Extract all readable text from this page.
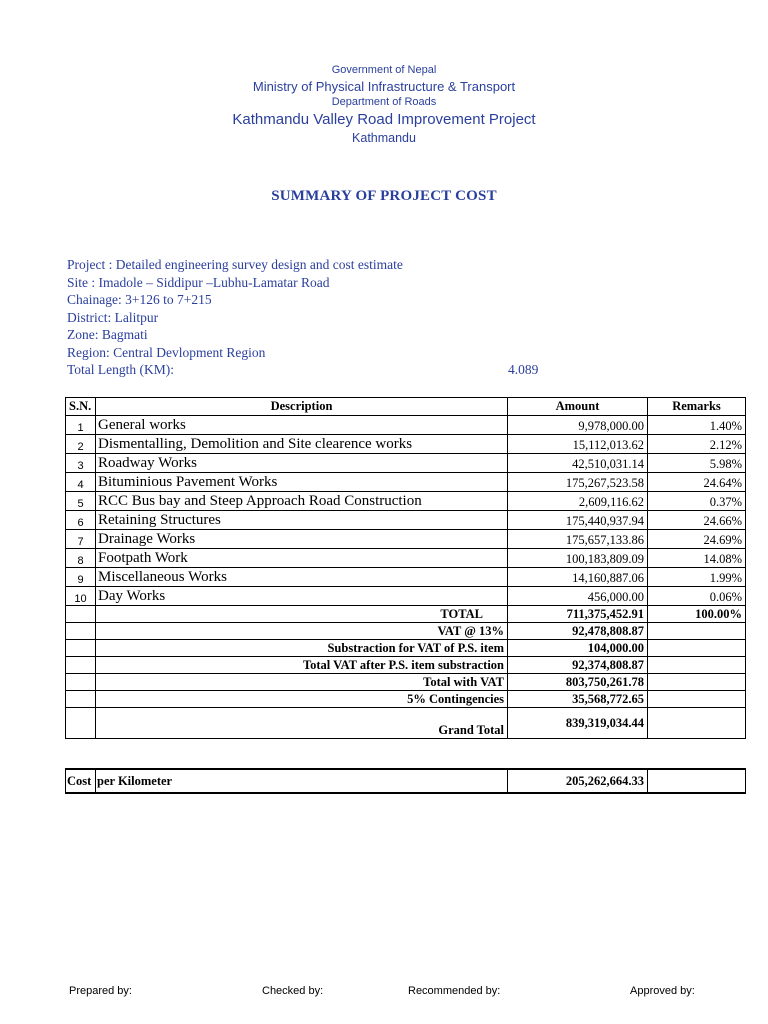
Government of Nepal
Ministry of Physical Infrastructure & Transport
Department of Roads
Kathmandu Valley Road Improvement Project
Kathmandu
SUMMARY OF PROJECT COST
Project : Detailed engineering survey design and cost estimate
Site : Imadole – Siddipur –Lubhu-Lamatar Road
Chainage: 3+126 to 7+215
District: Lalitpur
Zone: Bagmati
Region: Central Devlopment Region
Total Length (KM):	4.089
S.N.	Description	Amount	Remarks
1	General works	9,978,000.00	1.40%
2	Dismentalling, Demolition and Site clearence works	15,112,013.62	2.12%
3	Roadway Works	42,510,031.14	5.98%
4	Bituminious Pavement Works	175,267,523.58	24.64%
5	RCC Bus bay and Steep Approach Road Construction	2,609,116.62	0.37%
6	Retaining Structures	175,440,937.94	24.66%
7	Drainage Works	175,657,133.86	24.69%
8	Footpath Work	100,183,809.09	14.08%
9	Miscellaneous Works	14,160,887.06	1.99%
10	Day Works	456,000.00	0.06%
	TOTAL	711,375,452.91	100.00%
	VAT @ 13%	92,478,808.87	
	Substraction for VAT of P.S. item	104,000.00	
	Total VAT after P.S. item substraction	92,374,808.87	
	Total with VAT	803,750,261.78	
	5% Contingencies	35,568,772.65	
	Grand Total	839,319,034.44	
Cost	per Kilometer	205,262,664.33	
Prepared by:	Checked by:	Recommended by:	Approved by:
